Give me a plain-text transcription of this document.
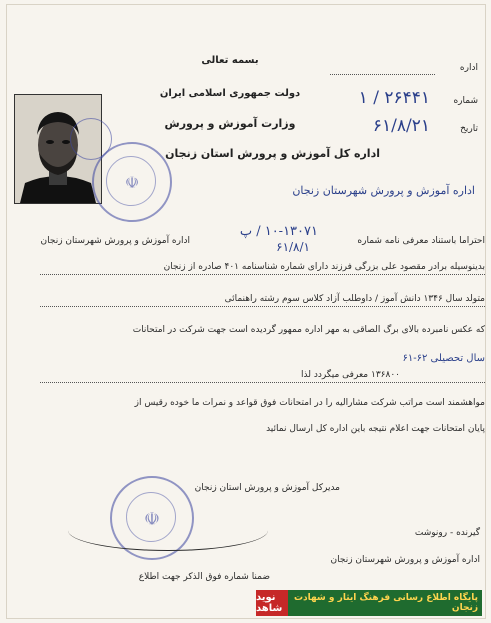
بسمه تعالی
دولت جمهوری اسلامی ایران
وزارت آموزش و پرورش
اداره کل آموزش و پرورش استان زنجان
اداره
شماره
۲۶۴۴۱ / ۱
تاریخ
۶۱/۸/۲۱
☫	اداره آموزش و پرورش شهرستان زنجان
احتراما باستناد معرفی نامه شماره
۱۰-۱۳۰۷۱ / پ
۶۱/۸/۱
اداره آموزش و پرورش شهرستان زنجان
بدینوسیله برادر مقصود علی بزرگی فرزند دارای شماره شناسنامه ۴۰۱ صادره از زنجان
متولد سال ۱۳۴۶ دانش آموز / داوطلب آزاد کلاس سوم رشته راهنمائی
که عکس نامبرده بالای برگ الصاقی به مهر اداره ممهور گردیده است جهت شرکت در امتحانات
سال تحصیلی ۶۲-۶۱
۱۳۶۸۰۰ معرفی میگردد لذا
مواهشمند است مراتب شرکت مشارالیه را در امتحانات فوق قواعد و نمرات ما خوده رقیس از
پایان امتحانات جهت اعلام نتیجه باین اداره کل ارسال نمائید
مدیرکل آموزش و پرورش استان زنجان
☫
گیرنده - رونوشت
اداره آموزش و پرورش شهرستان زنجان
ضمنا شماره فوق الذکر جهت اطلاع
نوید شاهد
پایگاه اطلاع رسانی فرهنگ ایثار و شهادت زنجان
